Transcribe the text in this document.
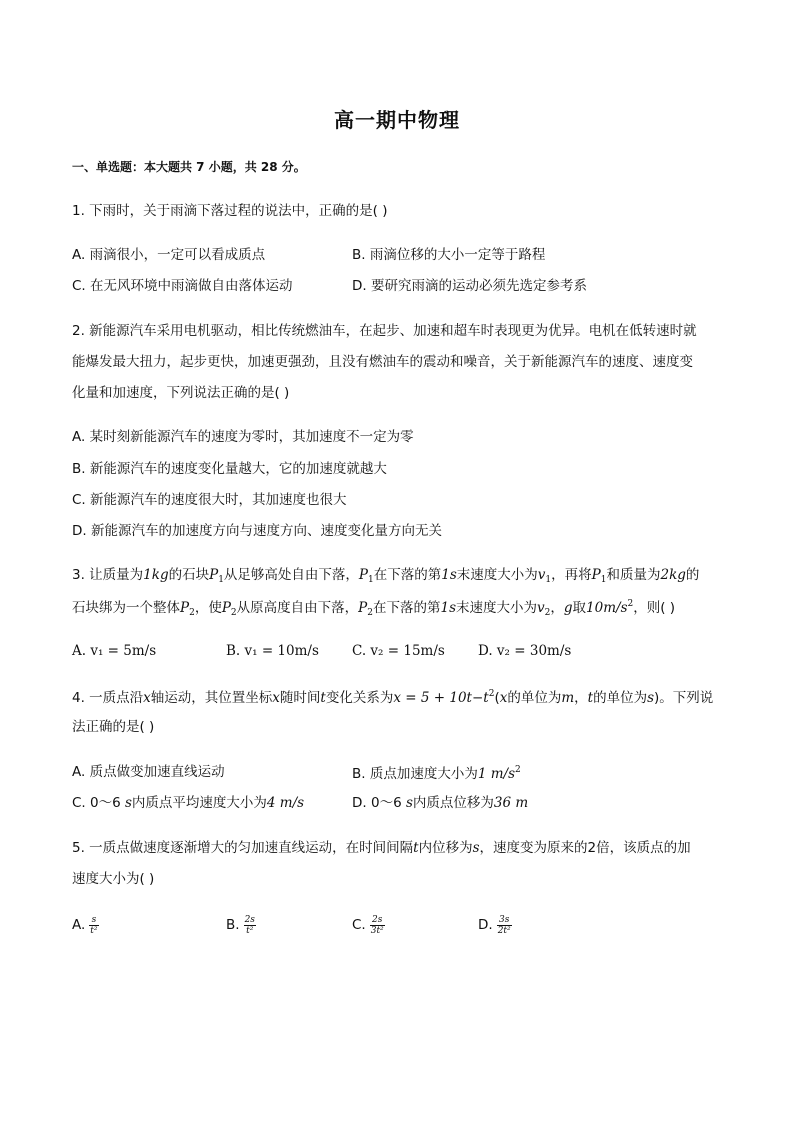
高一期中物理
一、单选题：本大题共 7 小题，共 28 分。
1. 下雨时，关于雨滴下落过程的说法中，正确的是( )
A. 雨滴很小，一定可以看成质点	B. 雨滴位移的大小一定等于路程
C. 在无风环境中雨滴做自由落体运动	D. 要研究雨滴的运动必须先选定参考系
2. 新能源汽车采用电机驱动，相比传统燃油车，在起步、加速和超车时表现更为优异。电机在低转速时就
能爆发最大扭力，起步更快，加速更强劲，且没有燃油车的震动和噪音，关于新能源汽车的速度、速度变
化量和加速度，下列说法正确的是( )
A. 某时刻新能源汽车的速度为零时，其加速度不一定为零
B. 新能源汽车的速度变化量越大，它的加速度就越大
C. 新能源汽车的速度很大时，其加速度也很大
D. 新能源汽车的加速度方向与速度方向、速度变化量方向无关
3. 让质量为1kg的石块$P_1$从足够高处自由下落，$P_1$在下落的第1s末速度大小为$v_1$，再将$P_1$和质量为2kg的
石块绑为一个整体$P_2$，使$P_2$从原高度自由下落，$P_2$在下落的第1s末速度大小为$v_2$，g取$10m/s^2$，则( )
A. v₁ = 5m/s	B. v₁ = 10m/s C. v₂ = 15m/s D. v₂ = 30m/s
4. 一质点沿x轴运动，其位置坐标x随时间t变化关系为$x = 5 + 10t-t^2(x$的单位为m，t的单位为s)。下列说
法正确的是( )
A. 质点做变加速直线运动	B. 质点加速度大小为1 $m/s^2$
C. 0～6 s内质点平均速度大小为4 m/s	D. 0～6 s内质点位移为36 m
5. 一质点做速度逐渐增大的匀加速直线运动，在时间间隔t内位移为s，速度变为原来的2倍，该质点的加
速度大小为( )
A. $\frac{s}{\text{t²}}$	B. $\frac{2s}{\text{t²}}$	C. $\frac{2s}{\text{3t²}}$	D. $\frac{3s}{\text{2t²}}$
